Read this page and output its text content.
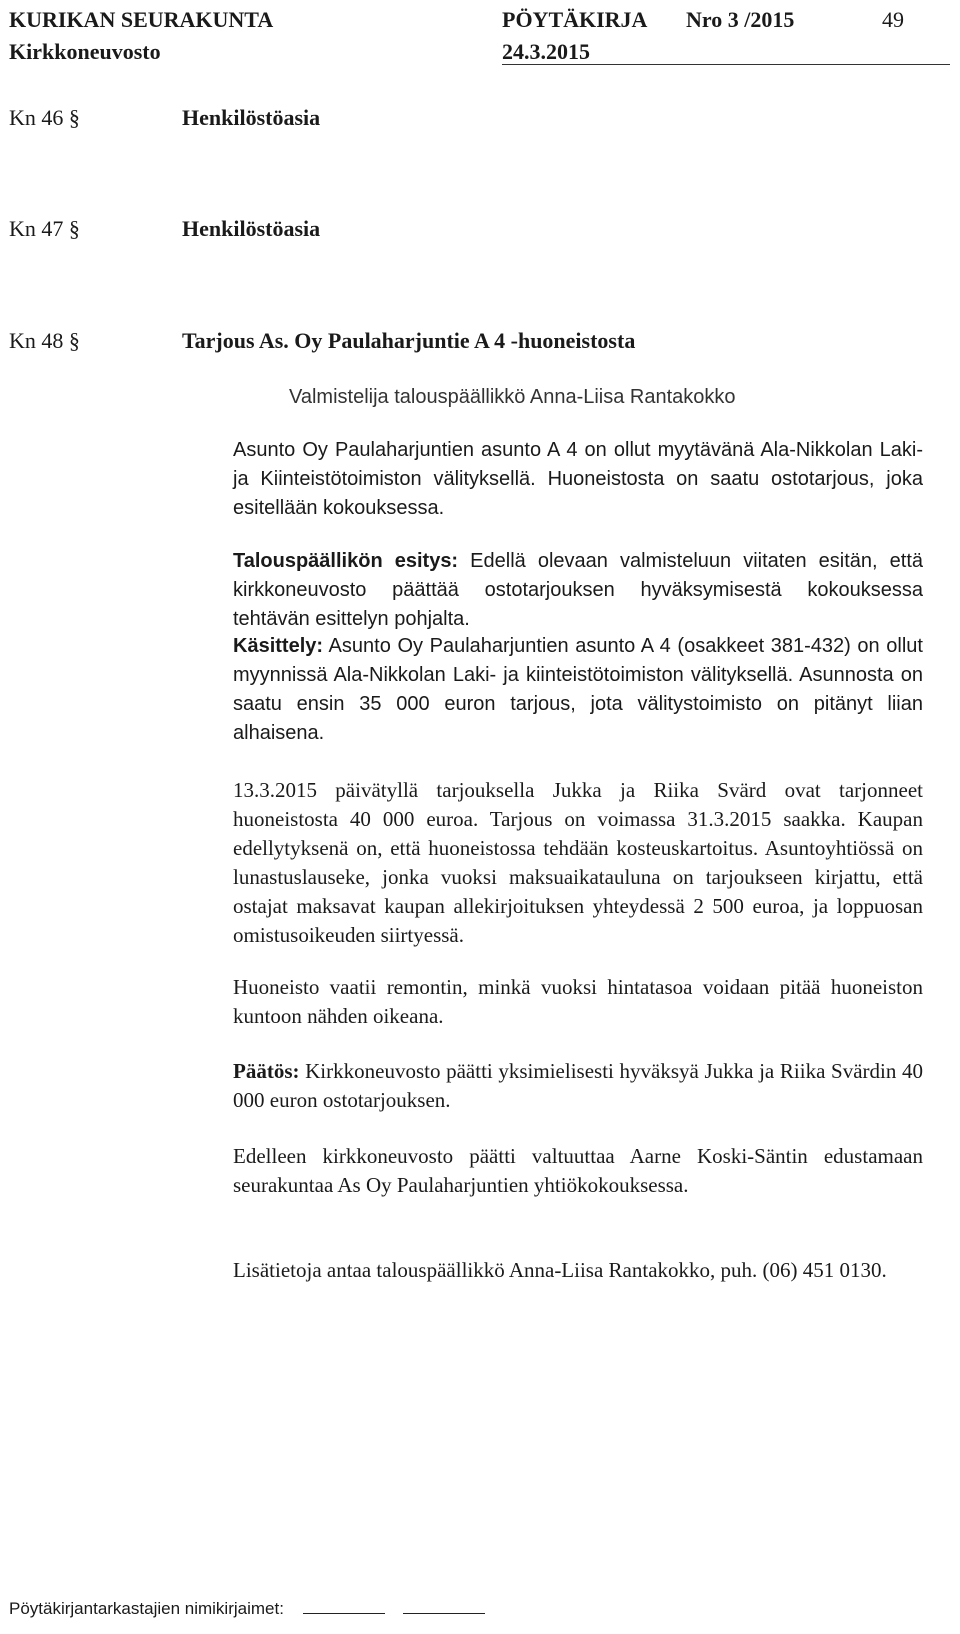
KURIKAN SEURAKUNTA	PÖYTÄKIRJA Nro 3 /2015	49
Kirkkoneuvosto	24.3.2015
Kn 46 §	Henkilöstöasia
Kn 47 §	Henkilöstöasia
Kn 48 §	Tarjous As. Oy Paulaharjuntie A 4 -huoneistosta
Valmistelija talouspäällikkö Anna-Liisa Rantakokko

Asunto Oy Paulaharjuntien asunto A 4 on ollut myytävänä Ala-Nikkolan Laki- ja Kiinteistötoimiston välityksellä. Huoneistosta on saatu ostotarjous, joka esitellään kokouksessa.

Talouspäällikön esitys: Edellä olevaan valmisteluun viitaten esitän, että kirkkoneuvosto päättää ostotarjouksen hyväksymisestä kokouksessa tehtävän esittelyn pohjalta.

Käsittely: Asunto Oy Paulaharjuntien asunto A 4 (osakkeet 381-432) on ollut myynnissä Ala-Nikkolan Laki- ja kiinteistötoimiston välityksellä. Asunnosta on saatu ensin 35 000 euron tarjous, jota välitystoimisto on pitänyt liian alhaisena.

13.3.2015 päivätyllä tarjouksella Jukka ja Riika Svärd ovat tarjonneet huoneistosta 40 000 euroa. Tarjous on voimassa 31.3.2015 saakka. Kaupan edellytyksenä on, että huoneistossa tehdään kosteuskartoitus. Asuntoyhtiössä on lunastuslauseke, jonka vuoksi maksuaikatauluna on tarjoukseen kirjattu, että ostajat maksavat kaupan allekirjoituksen yhteydessä 2 500 euroa, ja loppuosan omistusoikeuden siirtyessä.

Huoneisto vaatii remontin, minkä vuoksi hintatasoa voidaan pitää huoneiston kuntoon nähden oikeana.

Päätös: Kirkkoneuvosto päätti yksimielisesti hyväksyä Jukka ja Riika Svärdin 40 000 euron ostotarjouksen.

Edelleen kirkkoneuvosto päätti valtuuttaa Aarne Koski-Säntin edustamaan seurakuntaa As Oy Paulaharjuntien yhtiökokouksessa.

Lisätietoja antaa talouspäällikkö Anna-Liisa Rantakokko, puh. (06) 451 0130.

Pöytäkirjantarkastajien nimikirjaimet:
